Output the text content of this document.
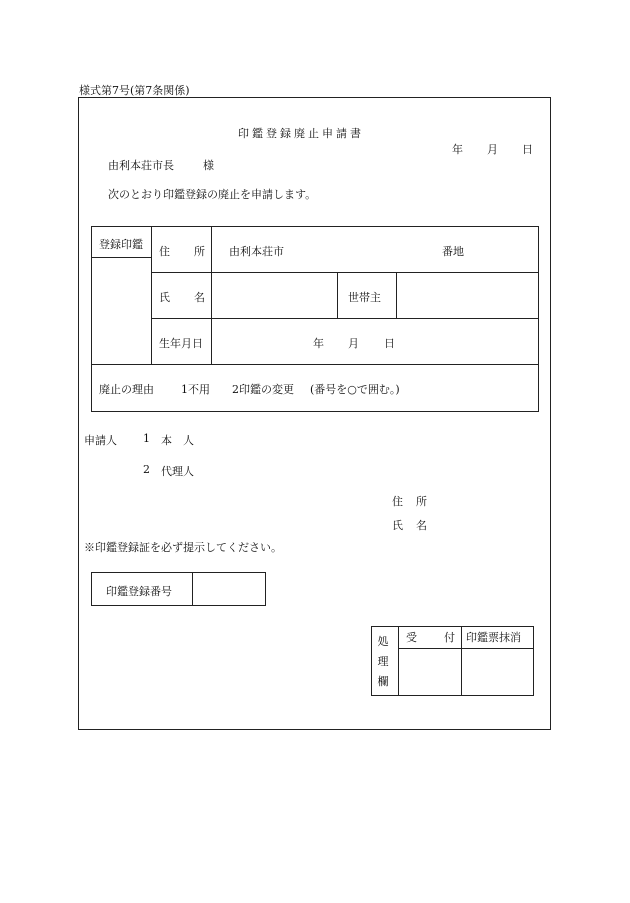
様式第7号(第7条関係)
印鑑登録廃止申請書
年 月 日
由利本荘市長	様
次のとおり印鑑登録の廃止を申請します。
登録印鑑
住 所 由利本荘市	番地
氏 名	世帯主
生年月日	年 月 日
廃止の理由 1不用 2印鑑の変更 (番号を○で囲む。)
申請人 1 本　人
2 代理人
住 所
氏 名
※印鑑登録証を必ず提示してください。
印鑑登録番号
処
理
欄
受 付 印鑑票抹消
